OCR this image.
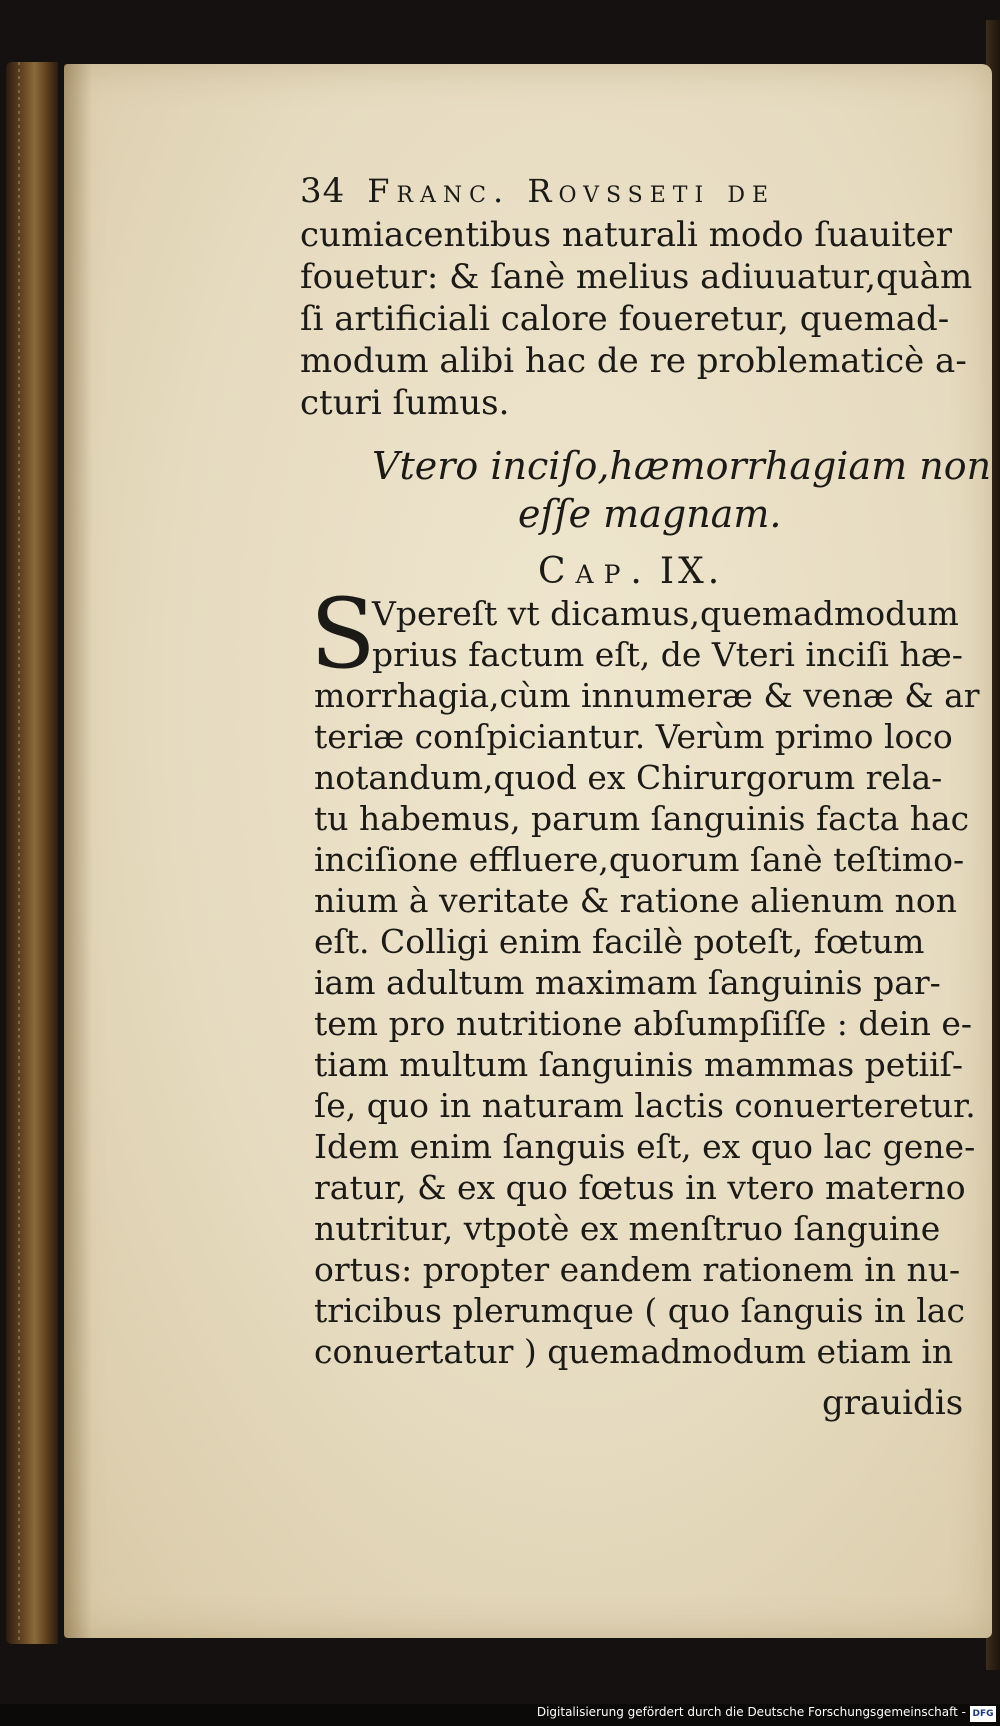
34 Franc. Rovsseti de
cumiacentibus naturali modo ſuauiter
fouetur: & ſanè melius adiuuatur,quàm
ſi artificiali calore foueretur, quemad-
modum alibi hac de re problematicè a-
cturi ſumus.
Vtero inciſo,hæmorrhagiam non
eſſe magnam.
Cap. IX.
S
Vpereſt vt dicamus,quemadmodum
prius factum eſt, de Vteri inciſi hæ-
morrhagia,cùm innumeræ & venæ & ar
teriæ conſpiciantur. Verùm primo loco
notandum,quod ex Chirurgorum rela-
tu habemus, parum ſanguinis facta hac
inciſione effluere,quorum ſanè teſtimo-
nium à veritate & ratione alienum non
eſt. Colligi enim facilè poteſt, fœtum
iam adultum maximam ſanguinis par-
tem pro nutritione abſumpſiſſe : dein e-
tiam multum ſanguinis mammas petiiſ-
ſe, quo in naturam lactis conuerteretur.
Idem enim ſanguis eſt, ex quo lac gene-
ratur, & ex quo fœtus in vtero materno
nutritur, vtpotè ex menſtruo ſanguine
ortus: propter eandem rationem in nu-
tricibus plerumque ( quo ſanguis in lac
conuertatur ) quemadmodum etiam in
grauidis
Digitalisierung gefördert durch die Deutsche Forschungsgemeinschaft - DFG
